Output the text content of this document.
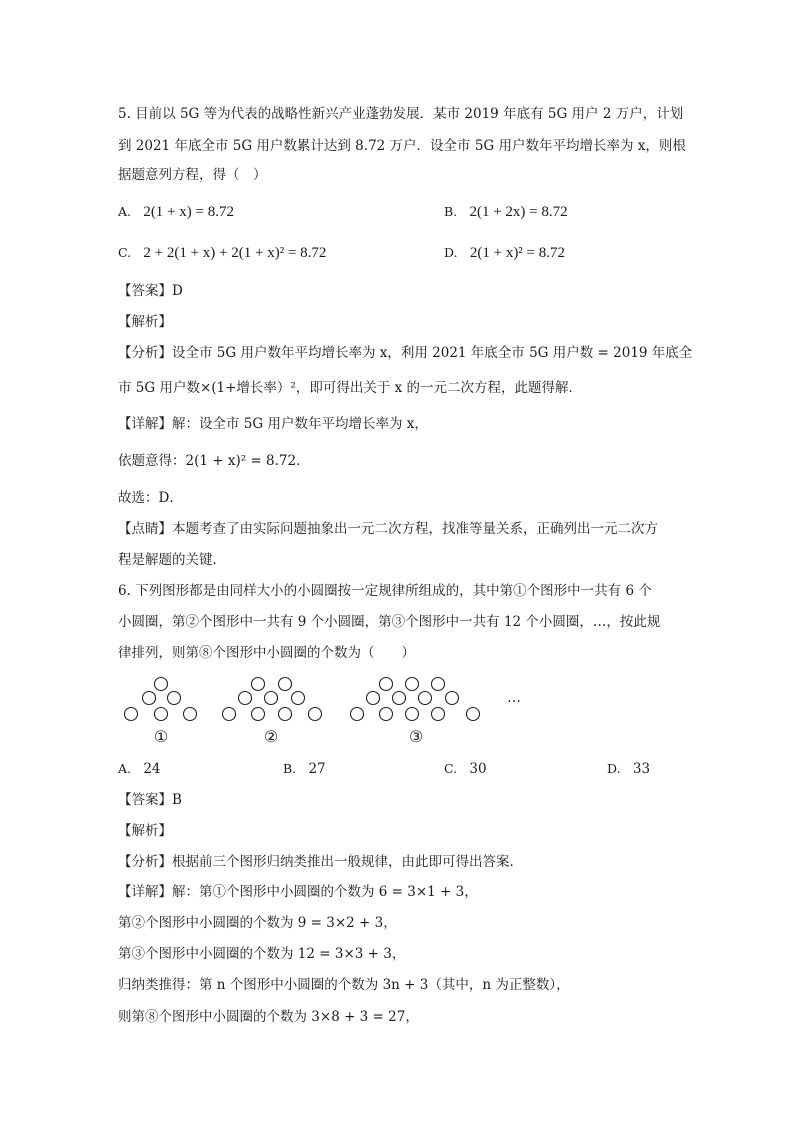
5. 目前以 5G 等为代表的战略性新兴产业蓬勃发展．某市 2019 年底有 5G 用户 2 万户，计划
到 2021 年底全市 5G 用户数累计达到 8.72 万户．设全市 5G 用户数年平均增长率为 x，则根
据题意列方程，得（　）
A. 2(1 + x) = 8.72	B. 2(1 + 2x) = 8.72
C. 2 + 2(1 + x) + 2(1 + x)² = 8.72	D. 2(1 + x)² = 8.72
【答案】D
【解析】
【分析】设全市 5G 用户数年平均增长率为 x，利用 2021 年底全市 5G 用户数 = 2019 年底全
市 5G 用户数×(1+增长率）²，即可得出关于 x 的一元二次方程，此题得解．
【详解】解：设全市 5G 用户数年平均增长率为 x，
依题意得：2(1 + x)² = 8.72．
故选：D．
【点睛】本题考查了由实际问题抽象出一元二次方程，找准等量关系，正确列出一元二次方
程是解题的关键．
6. 下列图形都是由同样大小的小圆圈按一定规律所组成的，其中第①个图形中一共有 6 个
小圆圈，第②个图形中一共有 9 个小圆圈，第③个图形中一共有 12 个小圆圈，…，按此规
律排列，则第⑧个图形中小圆圈的个数为（　　）
①	②	③
…
A. 24	B. 27	C. 30	D. 33
【答案】B
【解析】
【分析】根据前三个图形归纳类推出一般规律，由此即可得出答案．
【详解】解：第①个图形中小圆圈的个数为 6 = 3×1 + 3，
第②个图形中小圆圈的个数为 9 = 3×2 + 3，
第③个图形中小圆圈的个数为 12 = 3×3 + 3，
归纳类推得：第 n 个图形中小圆圈的个数为 3n + 3（其中，n 为正整数），
则第⑧个图形中小圆圈的个数为 3×8 + 3 = 27，
